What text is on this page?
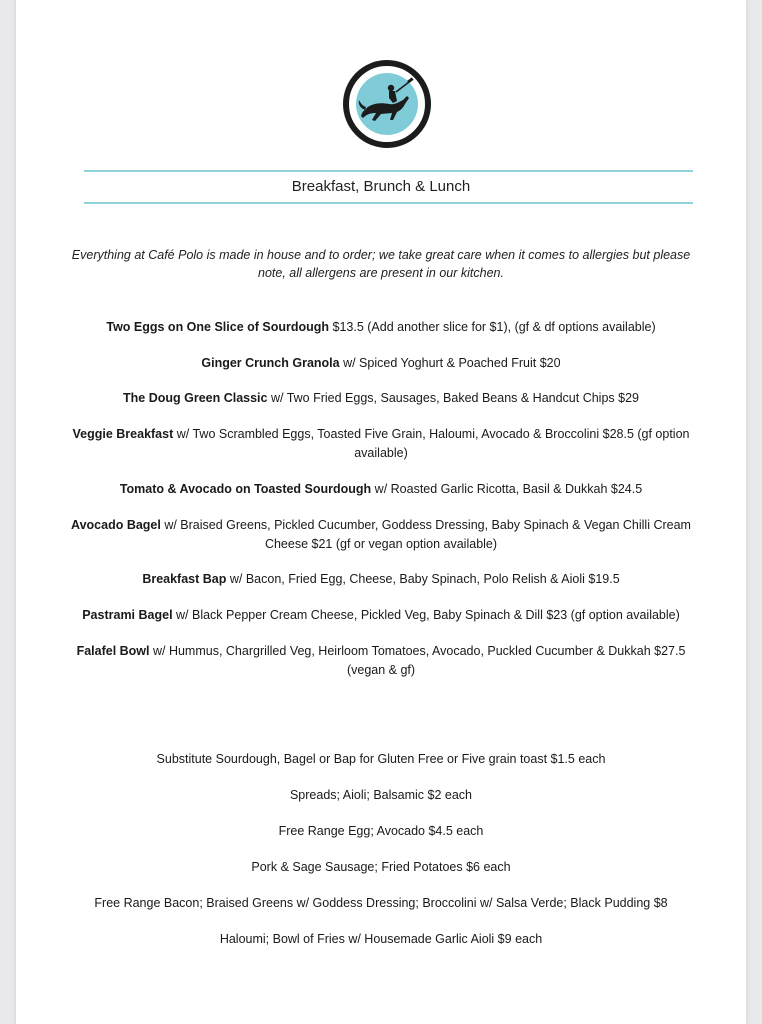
Breakfast, Brunch & Lunch
Everything at Café Polo is made in house and to order; we take great care when it comes to allergies but please note, all allergens are present in our kitchen.
Two Eggs on One Slice of Sourdough $13.5 (Add another slice for $1), (gf & df options available)
Ginger Crunch Granola w/ Spiced Yoghurt & Poached Fruit $20
The Doug Green Classic w/ Two Fried Eggs, Sausages, Baked Beans & Handcut Chips $29
Veggie Breakfast w/ Two Scrambled Eggs, Toasted Five Grain, Haloumi, Avocado & Broccolini $28.5 (gf option available)
Tomato & Avocado on Toasted Sourdough w/ Roasted Garlic Ricotta, Basil & Dukkah $24.5
Avocado Bagel w/ Braised Greens, Pickled Cucumber, Goddess Dressing, Baby Spinach & Vegan Chilli Cream Cheese $21 (gf or vegan option available)
Breakfast Bap w/ Bacon, Fried Egg, Cheese, Baby Spinach, Polo Relish & Aioli $19.5
Pastrami Bagel w/ Black Pepper Cream Cheese, Pickled Veg, Baby Spinach & Dill $23 (gf option available)
Falafel Bowl w/ Hummus, Chargrilled Veg, Heirloom Tomatoes, Avocado, Puckled Cucumber & Dukkah $27.5 (vegan & gf)
Substitute Sourdough, Bagel or Bap for Gluten Free or Five grain toast $1.5 each
Spreads; Aioli; Balsamic $2 each
Free Range Egg; Avocado $4.5 each
Pork & Sage Sausage; Fried Potatoes $6 each
Free Range Bacon; Braised Greens w/ Goddess Dressing; Broccolini w/ Salsa Verde; Black Pudding $8
Haloumi; Bowl of Fries w/ Housemade Garlic Aioli $9 each
